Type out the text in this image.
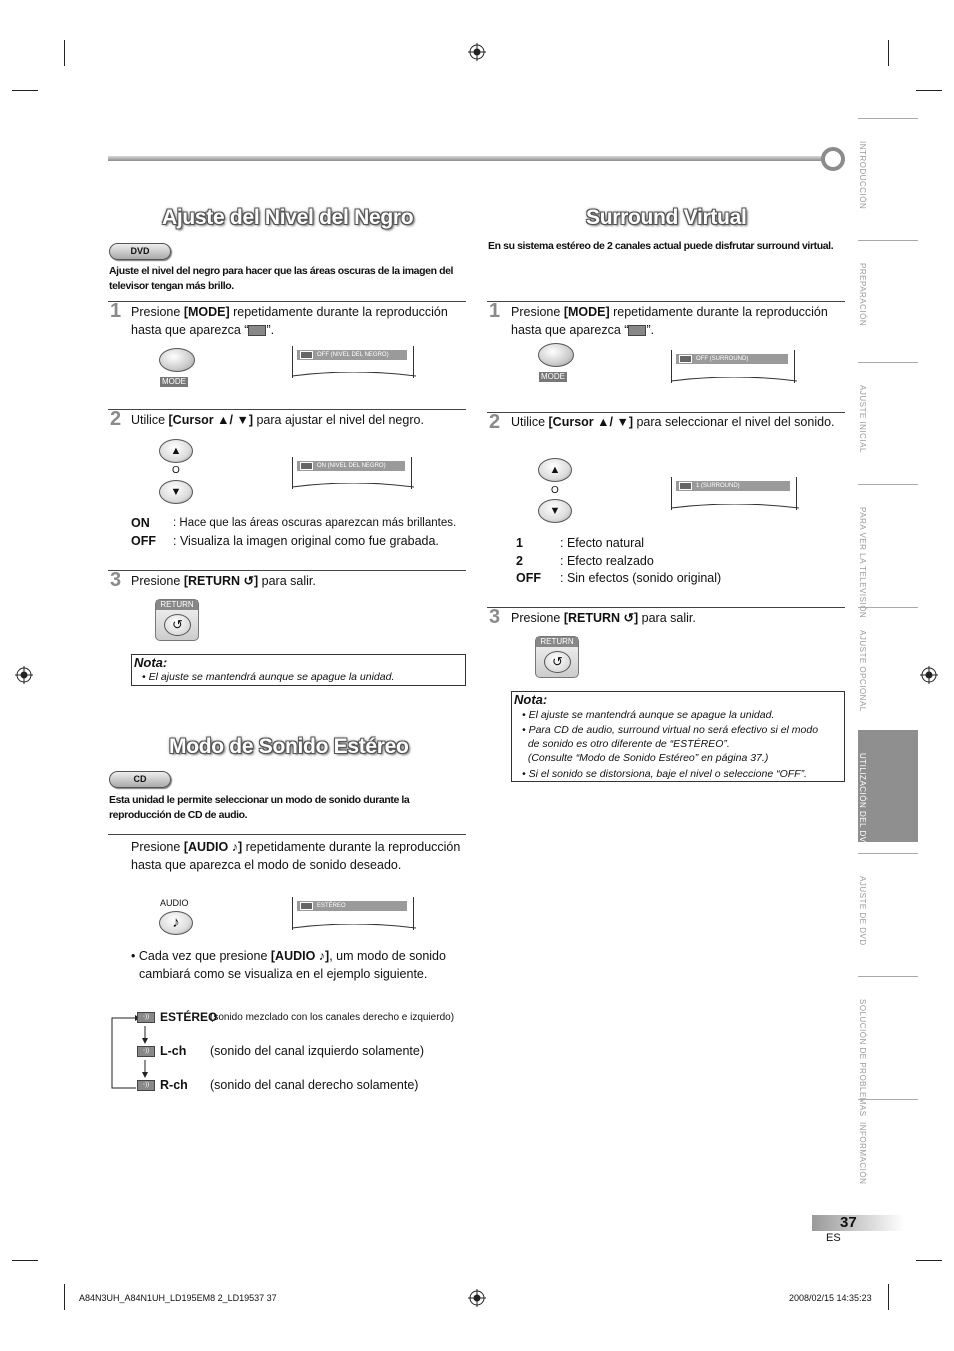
INTRODUCCIÓN
PREPARACIÓN
AJUSTE INICIAL
PARA VER LA TELEVISIÓN
AJUSTE OPCIONAL
UTILIZACIÓN DEL DVD
AJUSTE DE DVD
SOLUCIÓN DE PROBLEMAS
INFORMACIÓN
Ajuste del Nivel del Negro
DVD
Ajuste el nivel del negro para hacer que las áreas oscuras de la imagen del televisor tengan más brillo.
1 Presione [MODE] repetidamente durante la reproducción hasta que aparezca “ ”.
MODE
OFF (NIVEL DEL NEGRO)
2 Utilice [Cursor ▲/ ▼] para ajustar el nivel del negro.
▲
O
▼
ON (NIVEL DEL NEGRO)
ON : Hace que las áreas oscuras aparezcan más brillantes.
OFF : Visualiza la imagen original como fue grabada.
3 Presione [RETURN ↺] para salir.
RETURN
↺
Nota:
• El ajuste se mantendrá aunque se apague la unidad.
Modo de Sonido Estéreo
CD
Esta unidad le permite seleccionar un modo de sonido durante la reproducción de CD de audio.
Presione [AUDIO ♪] repetidamente durante la reproducción hasta que aparezca el modo de sonido deseado.
AUDIO
♪
ESTÉREO
• Cada vez que presione [AUDIO ♪], um modo de sonido cambiará como se visualiza en el ejemplo siguiente.
◦)) ESTÉREO
(sonido mezclado con los canales derecho e izquierdo)
◦)) L-ch (sonido del canal izquierdo solamente)
◦)) R-ch (sonido del canal derecho solamente)
Surround Virtual
En su sistema estéreo de 2 canales actual puede disfrutar surround virtual.
1 Presione [MODE] repetidamente durante la reproducción hasta que aparezca “ ”.
MODE
OFF (SURROUND)
2 Utilice [Cursor ▲/ ▼] para seleccionar el nivel del sonido.
▲
O
▼
1 (SURROUND)
1	: Efecto natural
2	: Efecto realzado
OFF : Sin efectos (sonido original)
3 Presione [RETURN ↺] para salir.
RETURN
↺
Nota:
• El ajuste se mantendrá aunque se apague la unidad.
• Para CD de audio, surround virtual no será efectivo si el modo
de sonido es otro diferente de “ESTÉREO”.
(Consulte “Modo de Sonido Estéreo” en página 37.)
• Si el sonido se distorsiona, baje el nivel o seleccione “OFF”.
37
ES
A84N3UH_A84N1UH_LD195EM8 2_LD19537 37	2008/02/15 14:35:23
